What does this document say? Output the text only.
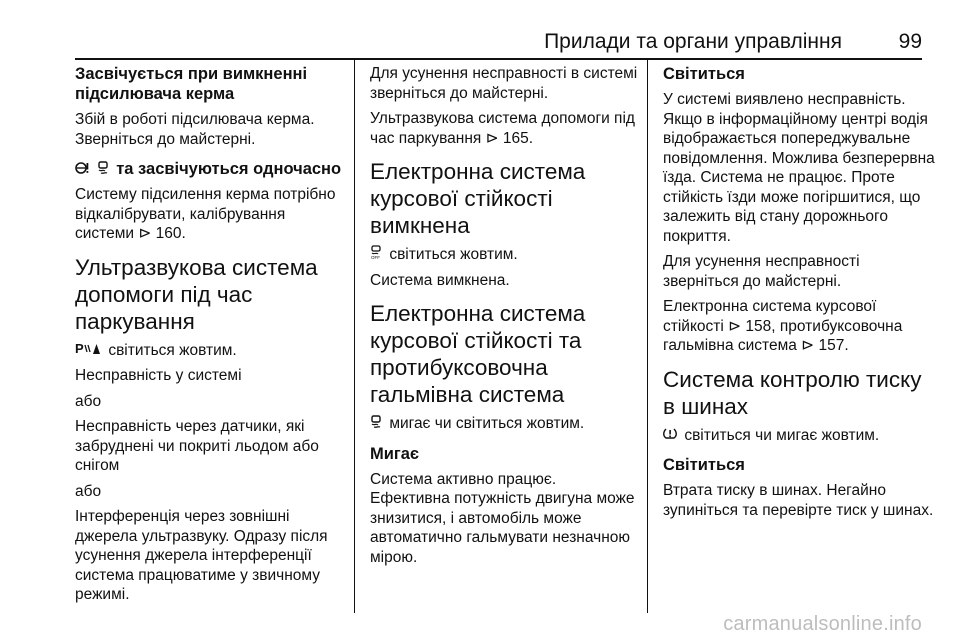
Прилади та органи управління	99
Засвічується при вимкненні підсилювача керма
Збій в роботі підсилювача керма. Зверніться до майстерні.
та засвічуються одночасно
Систему підсилення керма потрібно відкалібрувати, калібрування системи ⊳ 160.
Ультразвукова система допомоги під час паркування
P світиться жовтим.
Несправність у системі
або
Несправність через датчики, які забруднені чи покриті льодом або снігом
або
Інтерференція через зовнішні джерела ультразвуку. Одразу після усунення джерела інтерференції система працюватиме у звичному режимі.
Для усунення несправності в системі зверніться до майстерні.
Ультразвукова система допомоги під час паркування ⊳ 165.
Електронна система курсової стійкості вимкнена
OFF світиться жовтим.
Система вимкнена.
Електронна система курсової стійкості та протибуксовочна гальмівна система
мигає чи світиться жовтим.
Мигає
Система активно працює.
Ефективна потужність двигуна може знизитися, і автомобіль може автоматично гальмувати незначною мірою.
Світиться
У системі виявлено несправність. Якщо в інформаційному центрі водія відображається попереджувальне повідомлення. Можлива безперервна їзда. Система не працює. Проте стійкість їзди може погіршитися, що залежить від стану дорожнього покриття.
Для усунення несправності зверніться до майстерні.
Електронна система курсової стійкості ⊳ 158, протибуксовочна гальмівна система ⊳ 157.
Система контролю тиску в шинах
світиться чи мигає жовтим.
Світиться
Втрата тиску в шинах. Негайно зупиніться та перевірте тиск у шинах.
carmanualsonline.info
